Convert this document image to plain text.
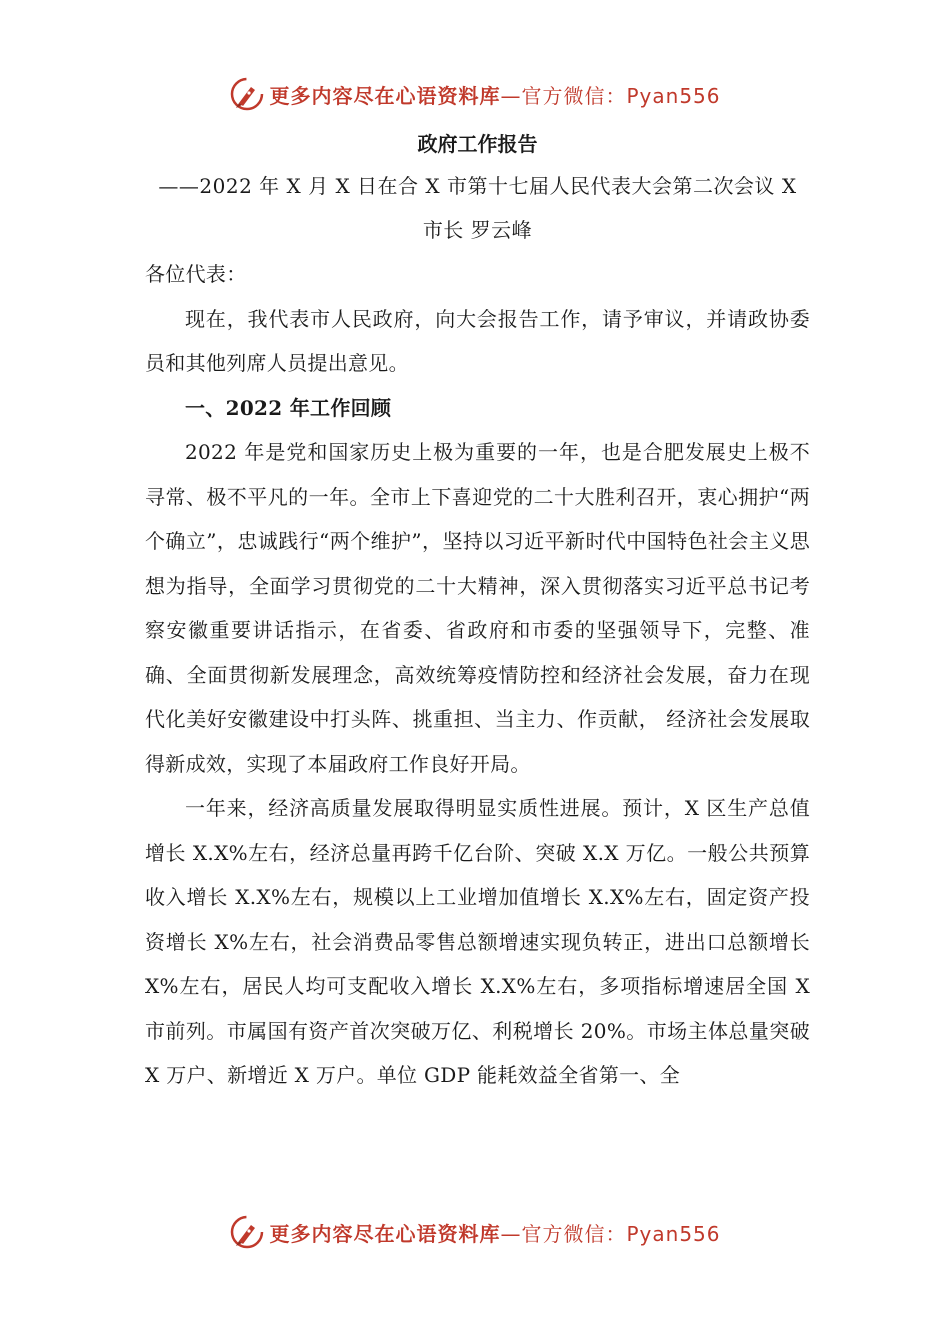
更多内容尽在心语资料库—官方微信：Pyan556
政府工作报告
——2022 年 X 月 X 日在合 X 市第十七届人民代表大会第二次会议 X 市长 罗云峰

各位代表：

现在，我代表市人民政府，向大会报告工作，请予审议，并请政协委员和其他列席人员提出意见。

一、2022 年工作回顾

2022 年是党和国家历史上极为重要的一年，也是合肥发展史上极不寻常、极不平凡的一年。全市上下喜迎党的二十大胜利召开，衷心拥护“两个确立”，忠诚践行“两个维护”，坚持以习近平新时代中国特色社会主义思想为指导，全面学习贯彻党的二十大精神，深入贯彻落实习近平总书记考察安徽重要讲话指示，在省委、省政府和市委的坚强领导下，完整、准确、全面贯彻新发展理念，高效统筹疫情防控和经济社会发展，奋力在现代化美好安徽建设中打头阵、挑重担、当主力、作贡献， 经济社会发展取得新成效，实现了本届政府工作良好开局。

一年来，经济高质量发展取得明显实质性进展。预计，X 区生产总值增长 X.X%左右，经济总量再跨千亿台阶、突破 X.X 万亿。一般公共预算收入增长 X.X%左右，规模以上工业增加值增长 X.X%左右，固定资产投资增长 X%左右，社会消费品零售总额增速实现负转正，进出口总额增长 X%左右，居民人均可支配收入增长 X.X%左右，多项指标增速居全国 X 市前列。市属国有资产首次突破万亿、利税增长 20%。市场主体总量突破 X 万户、新增近 X 万户。单位 GDP 能耗效益全省第一、全

更多内容尽在心语资料库—官方微信：Pyan556
